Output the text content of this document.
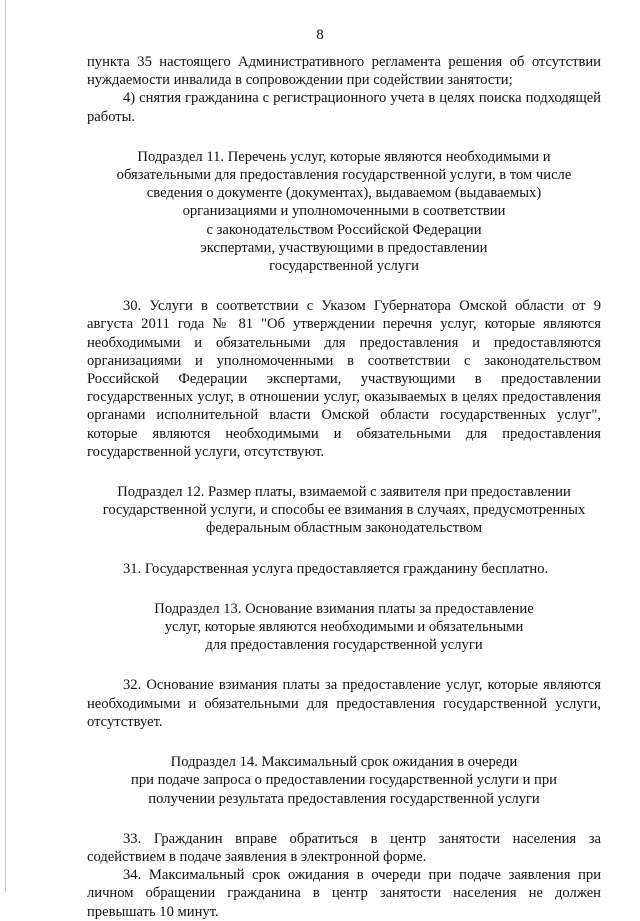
8

пункта 35 настоящего Административного регламента решения об отсутствии нуждаемости инвалида в сопровождении при содействии занятости;

4) снятия гражданина с регистрационного учета в целях поиска подходящей работы.

Подраздел 11. Перечень услуг, которые являются необходимыми и
обязательными для предоставления государственной услуги, в том числе
сведения о документе (документах), выдаваемом (выдаваемых)
организациями и уполномоченными в соответствии
с законодательством Российской Федерации
экспертами, участвующими в предоставлении
государственной услуги

30. Услуги в соответствии с Указом Губернатора Омской области от 9 августа 2011 года № 81 "Об утверждении перечня услуг, которые являются необходимыми и обязательными для предоставления и предоставляются организациями и уполномоченными в соответствии с законодательством Российской Федерации экспертами, участвующими в предоставлении государственных услуг, в отношении услуг, оказываемых в целях предоставления органами исполнительной власти Омской области государственных услуг", которые являются необходимыми и обязательными для предоставления государственной услуги, отсутствуют.

Подраздел 12. Размер платы, взимаемой с заявителя при предоставлении
государственной услуги, и способы ее взимания в случаях, предусмотренных
федеральным областным законодательством

31. Государственная услуга предоставляется гражданину бесплатно.

Подраздел 13. Основание взимания платы за предоставление
услуг, которые являются необходимыми и обязательными
для предоставления государственной услуги

32. Основание взимания платы за предоставление услуг, которые являются необходимыми и обязательными для предоставления государственной услуги, отсутствует.

Подраздел 14. Максимальный срок ожидания в очереди
при подаче запроса о предоставлении государственной услуги и при
получении результата предоставления государственной услуги

33. Гражданин вправе обратиться в центр занятости населения за содействием в подаче заявления в электронной форме.

34. Максимальный срок ожидания в очереди при подаче заявления при личном обращении гражданина в центр занятости населения не должен превышать 10 минут.
